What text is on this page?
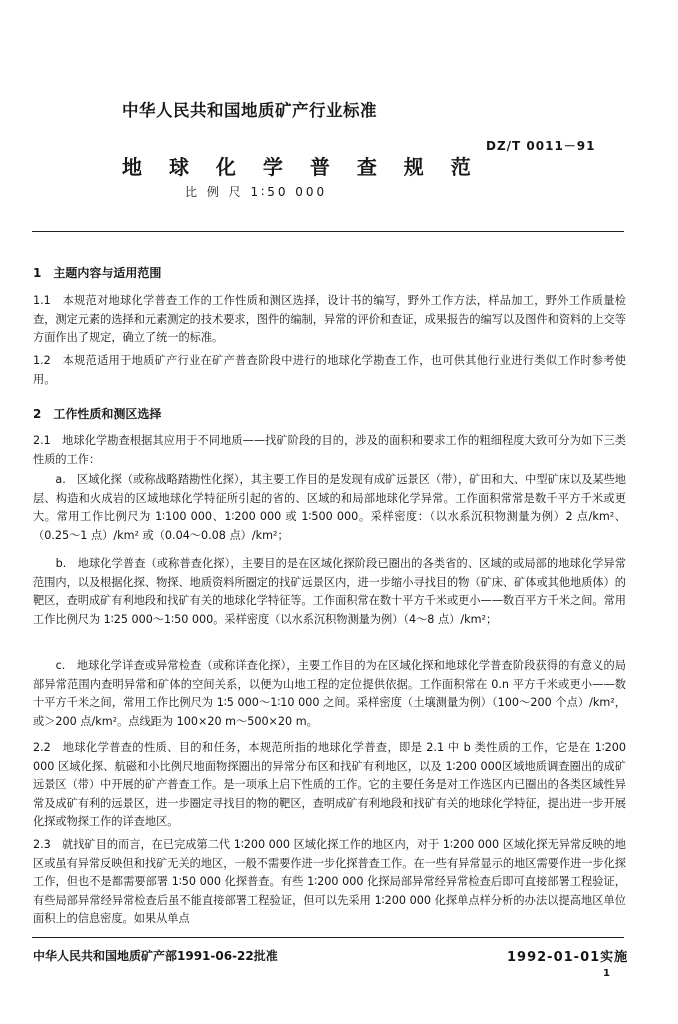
中华人民共和国地质矿产行业标准
DZ/T 0011－91
地 球 化 学 普 查 规 范
比 例 尺 1∶50 000
1　主题内容与适用范围

1.1　本规范对地球化学普查工作的工作性质和测区选择，设计书的编写，野外工作方法，样品加工，野外工作质量检查，测定元素的选择和元素测定的技术要求，图件的编制，异常的评价和查证，成果报告的编写以及图件和资料的上交等方面作出了规定，确立了统一的标准。

1.2　本规范适用于地质矿产行业在矿产普查阶段中进行的地球化学勘查工作，也可供其他行业进行类似工作时参考使用。

2　工作性质和测区选择

2.1　地球化学勘查根据其应用于不同地质——找矿阶段的目的，涉及的面积和要求工作的粗细程度大致可分为如下三类性质的工作：

　　a.　区域化探（或称战略踏勘性化探），其主要工作目的是发现有成矿远景区（带），矿田和大、中型矿床以及某些地层、构造和火成岩的区域地球化学特征所引起的省的、区域的和局部地球化学异常。工作面积常常是数千平方千米或更大。常用工作比例尺为 1∶100 000、1∶200 000 或 1∶500 000。采样密度：（以水系沉积物测量为例）2 点/km²、（0.25～1 点）/km² 或（0.04～0.08 点）/km²；

　　b.　地球化学普查（或称普查化探），主要目的是在区域化探阶段已圈出的各类省的、区域的或局部的地球化学异常范围内，以及根据化探、物探、地质资料所圈定的找矿远景区内，进一步缩小寻找目的物（矿床、矿体或其他地质体）的靶区，查明成矿有利地段和找矿有关的地球化学特征等。工作面积常在数十平方千米或更小——数百平方千米之间。常用工作比例尺为 1∶25 000～1∶50 000。采样密度（以水系沉积物测量为例）（4～8 点）/km²；

　　c.　地球化学详查或异常检查（或称详查化探），主要工作目的为在区域化探和地球化学普查阶段获得的有意义的局部异常范围内查明异常和矿体的空间关系，以便为山地工程的定位提供依据。工作面积常在 0.n 平方千米或更小——数十平方千米之间，常用工作比例尺为 1∶5 000～1∶10 000 之间。采样密度（土壤测量为例）（100～200 个点）/km²，或＞200 点/km²。点线距为 100×20 m～500×20 m。

2.2　地球化学普查的性质、目的和任务，本规范所指的地球化学普查，即是 2.1 中 b 类性质的工作，它是在 1∶200 000 区域化探、航磁和小比例尺地面物探圈出的异常分布区和找矿有利地区，以及 1∶200 000区域地质调查圈出的成矿远景区（带）中开展的矿产普查工作。是一项承上启下性质的工作。它的主要任务是对工作选区内已圈出的各类区域性异常及成矿有利的远景区，进一步圈定寻找目的物的靶区，查明成矿有利地段和找矿有关的地球化学特征，提出进一步开展化探或物探工作的详查地区。

2.3　就找矿目的而言，在已完成第二代 1∶200 000 区域化探工作的地区内，对于 1∶200 000 区域化探无异常反映的地区或虽有异常反映但和找矿无关的地区，一般不需要作进一步化探普查工作。在一些有异常显示的地区需要作进一步化探工作，但也不是都需要部署 1∶50 000 化探普查。有些 1∶200 000 化探局部异常经异常检查后即可直接部署工程验证，有些局部异常经异常检查后虽不能直接部署工程验证，但可以先采用 1∶200 000 化探单点样分析的办法以提高地区单位面积上的信息密度。如果从单点

中华人民共和国地质矿产部1991-06-22批准	1992-01-01实施
1
